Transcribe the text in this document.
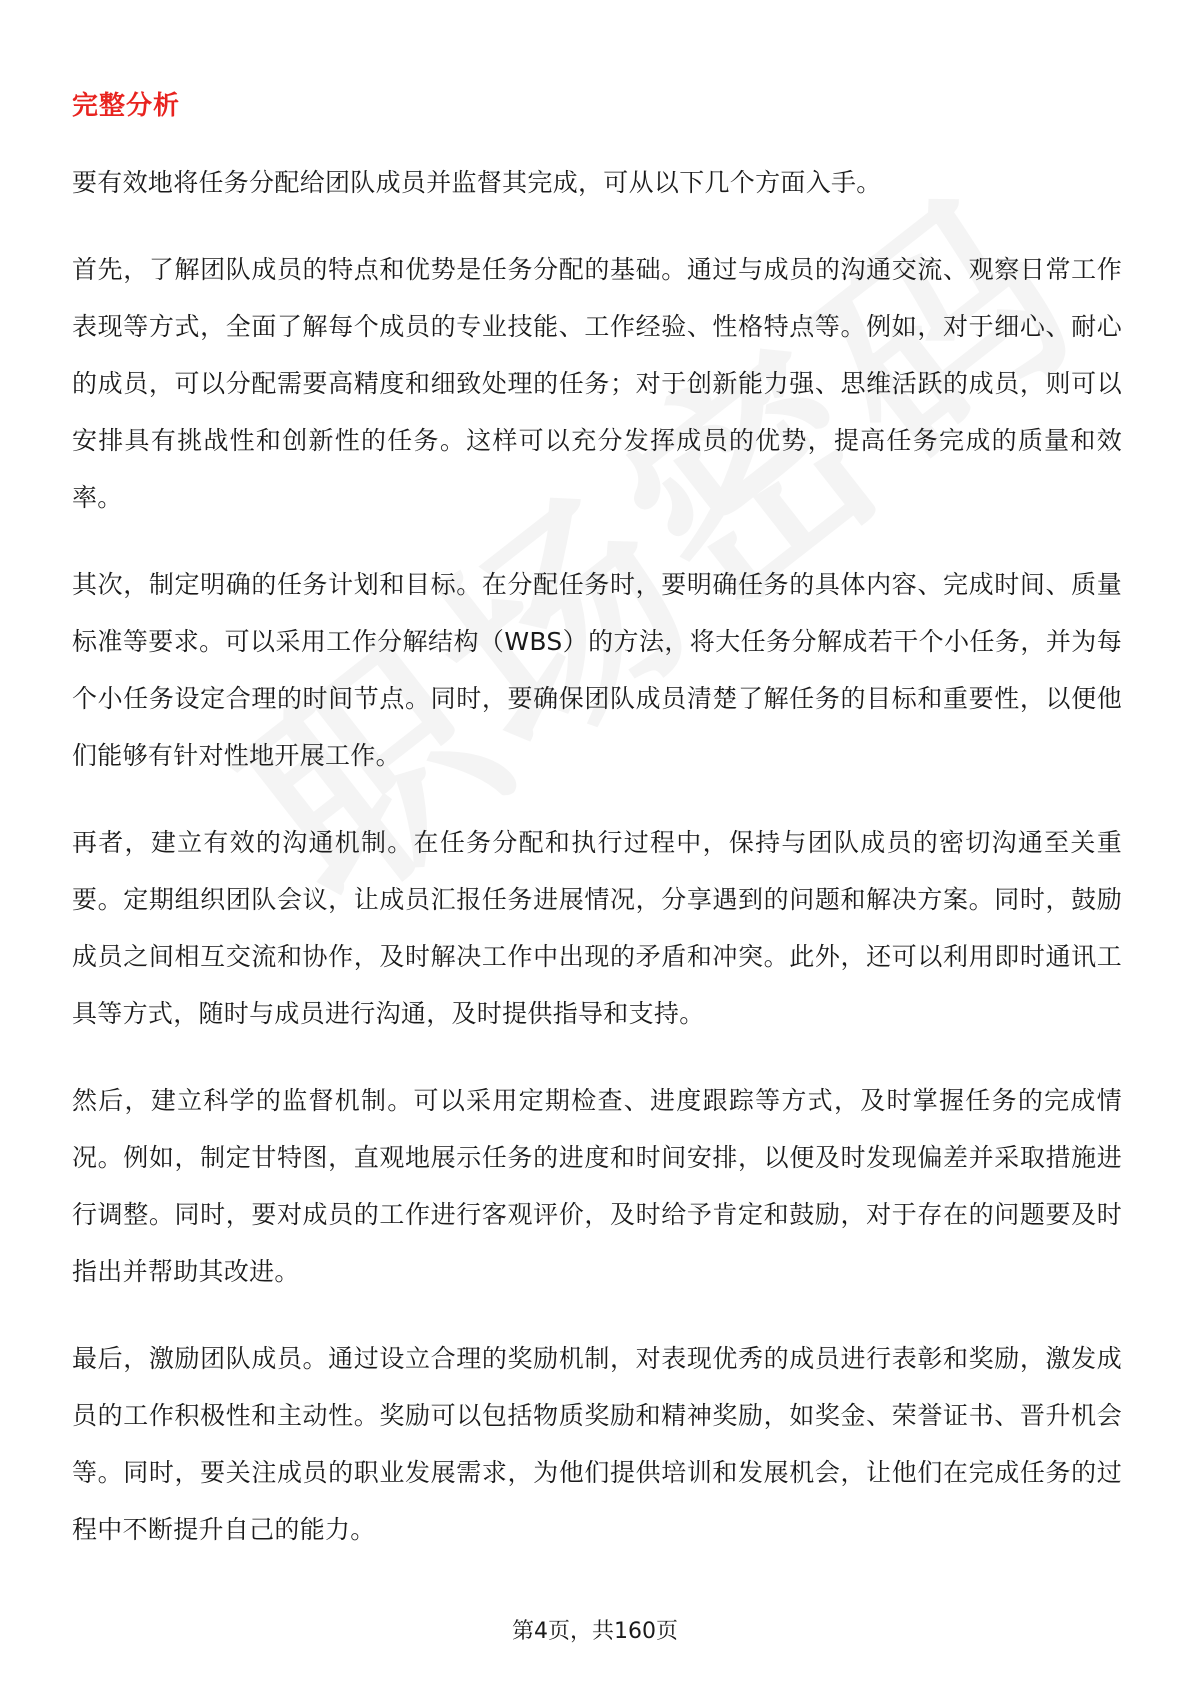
完整分析

要有效地将任务分配给团队成员并监督其完成，可从以下几个方面入手。

首先，了解团队成员的特点和优势是任务分配的基础。通过与成员的沟通交流、观察日常工作表现等方式，全面了解每个成员的专业技能、工作经验、性格特点等。例如，对于细心、耐心的成员，可以分配需要高精度和细致处理的任务；对于创新能力强、思维活跃的成员，则可以安排具有挑战性和创新性的任务。这样可以充分发挥成员的优势，提高任务完成的质量和效率。

其次，制定明确的任务计划和目标。在分配任务时，要明确任务的具体内容、完成时间、质量标准等要求。可以采用工作分解结构（WBS）的方法，将大任务分解成若干个小任务，并为每个小任务设定合理的时间节点。同时，要确保团队成员清楚了解任务的目标和重要性，以便他们能够有针对性地开展工作。

再者，建立有效的沟通机制。在任务分配和执行过程中，保持与团队成员的密切沟通至关重要。定期组织团队会议，让成员汇报任务进展情况，分享遇到的问题和解决方案。同时，鼓励成员之间相互交流和协作，及时解决工作中出现的矛盾和冲突。此外，还可以利用即时通讯工具等方式，随时与成员进行沟通，及时提供指导和支持。

然后，建立科学的监督机制。可以采用定期检查、进度跟踪等方式，及时掌握任务的完成情况。例如，制定甘特图，直观地展示任务的进度和时间安排，以便及时发现偏差并采取措施进行调整。同时，要对成员的工作进行客观评价，及时给予肯定和鼓励，对于存在的问题要及时指出并帮助其改进。

最后，激励团队成员。通过设立合理的奖励机制，对表现优秀的成员进行表彰和奖励，激发成员的工作积极性和主动性。奖励可以包括物质奖励和精神奖励，如奖金、荣誉证书、晋升机会等。同时，要关注成员的职业发展需求，为他们提供培训和发展机会，让他们在完成任务的过程中不断提升自己的能力。

第4页，共160页
